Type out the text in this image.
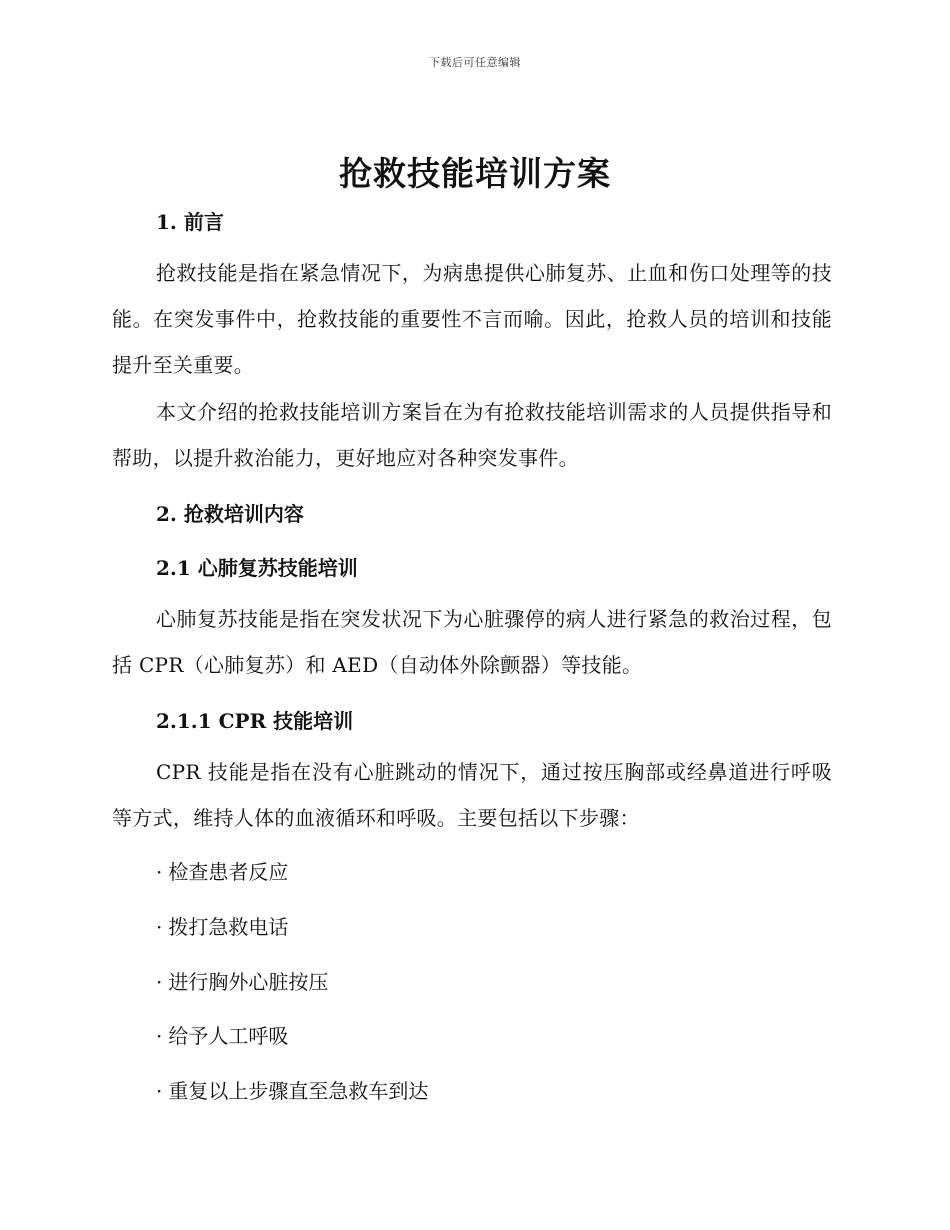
下载后可任意编辑
抢救技能培训方案
1. 前言

抢救技能是指在紧急情况下，为病患提供心肺复苏、止血和伤口处理等的技能。在突发事件中，抢救技能的重要性不言而喻。因此，抢救人员的培训和技能提升至关重要。

本文介绍的抢救技能培训方案旨在为有抢救技能培训需求的人员提供指导和帮助，以提升救治能力，更好地应对各种突发事件。

2. 抢救培训内容
2.1 心肺复苏技能培训

心肺复苏技能是指在突发状况下为心脏骤停的病人进行紧急的救治过程，包括 CPR（心肺复苏）和 AED（自动体外除颤器）等技能。

2.1.1 CPR 技能培训

CPR 技能是指在没有心脏跳动的情况下，通过按压胸部或经鼻道进行呼吸等方式，维持人体的血液循环和呼吸。主要包括以下步骤：

· 检查患者反应
· 拨打急救电话
· 进行胸外心脏按压
· 给予人工呼吸
· 重复以上步骤直至急救车到达
